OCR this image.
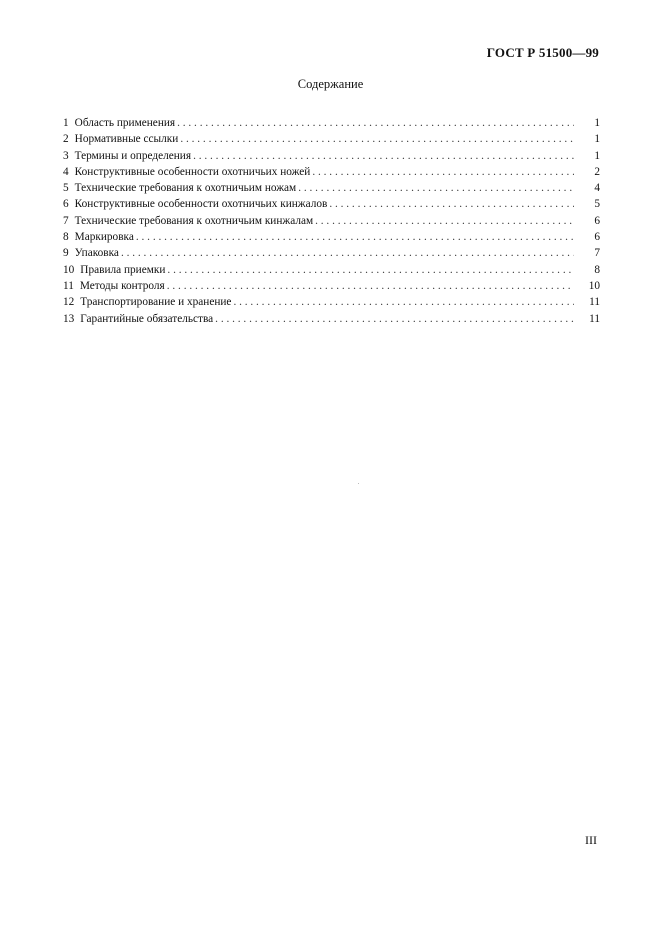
ГОСТ Р 51500—99
Содержание
1 Область применения . . .	1
2 Нормативные ссылки . . .	1
3 Термины и определения . . .	1
4 Конструктивные особенности охотничьих ножей . . .	2
5 Технические требования к охотничьим ножам . . .	4
6 Конструктивные особенности охотничьих кинжалов . . .	5
7 Технические требования к охотничьим кинжалам . . .	6
8 Маркировка . . .	6
9 Упаковка . . .	7
10 Правила приемки . . .	8
11 Методы контроля . . .	10
12 Транспортирование и хранение . . .	11
13 Гарантийные обязательства . . .	11
III
